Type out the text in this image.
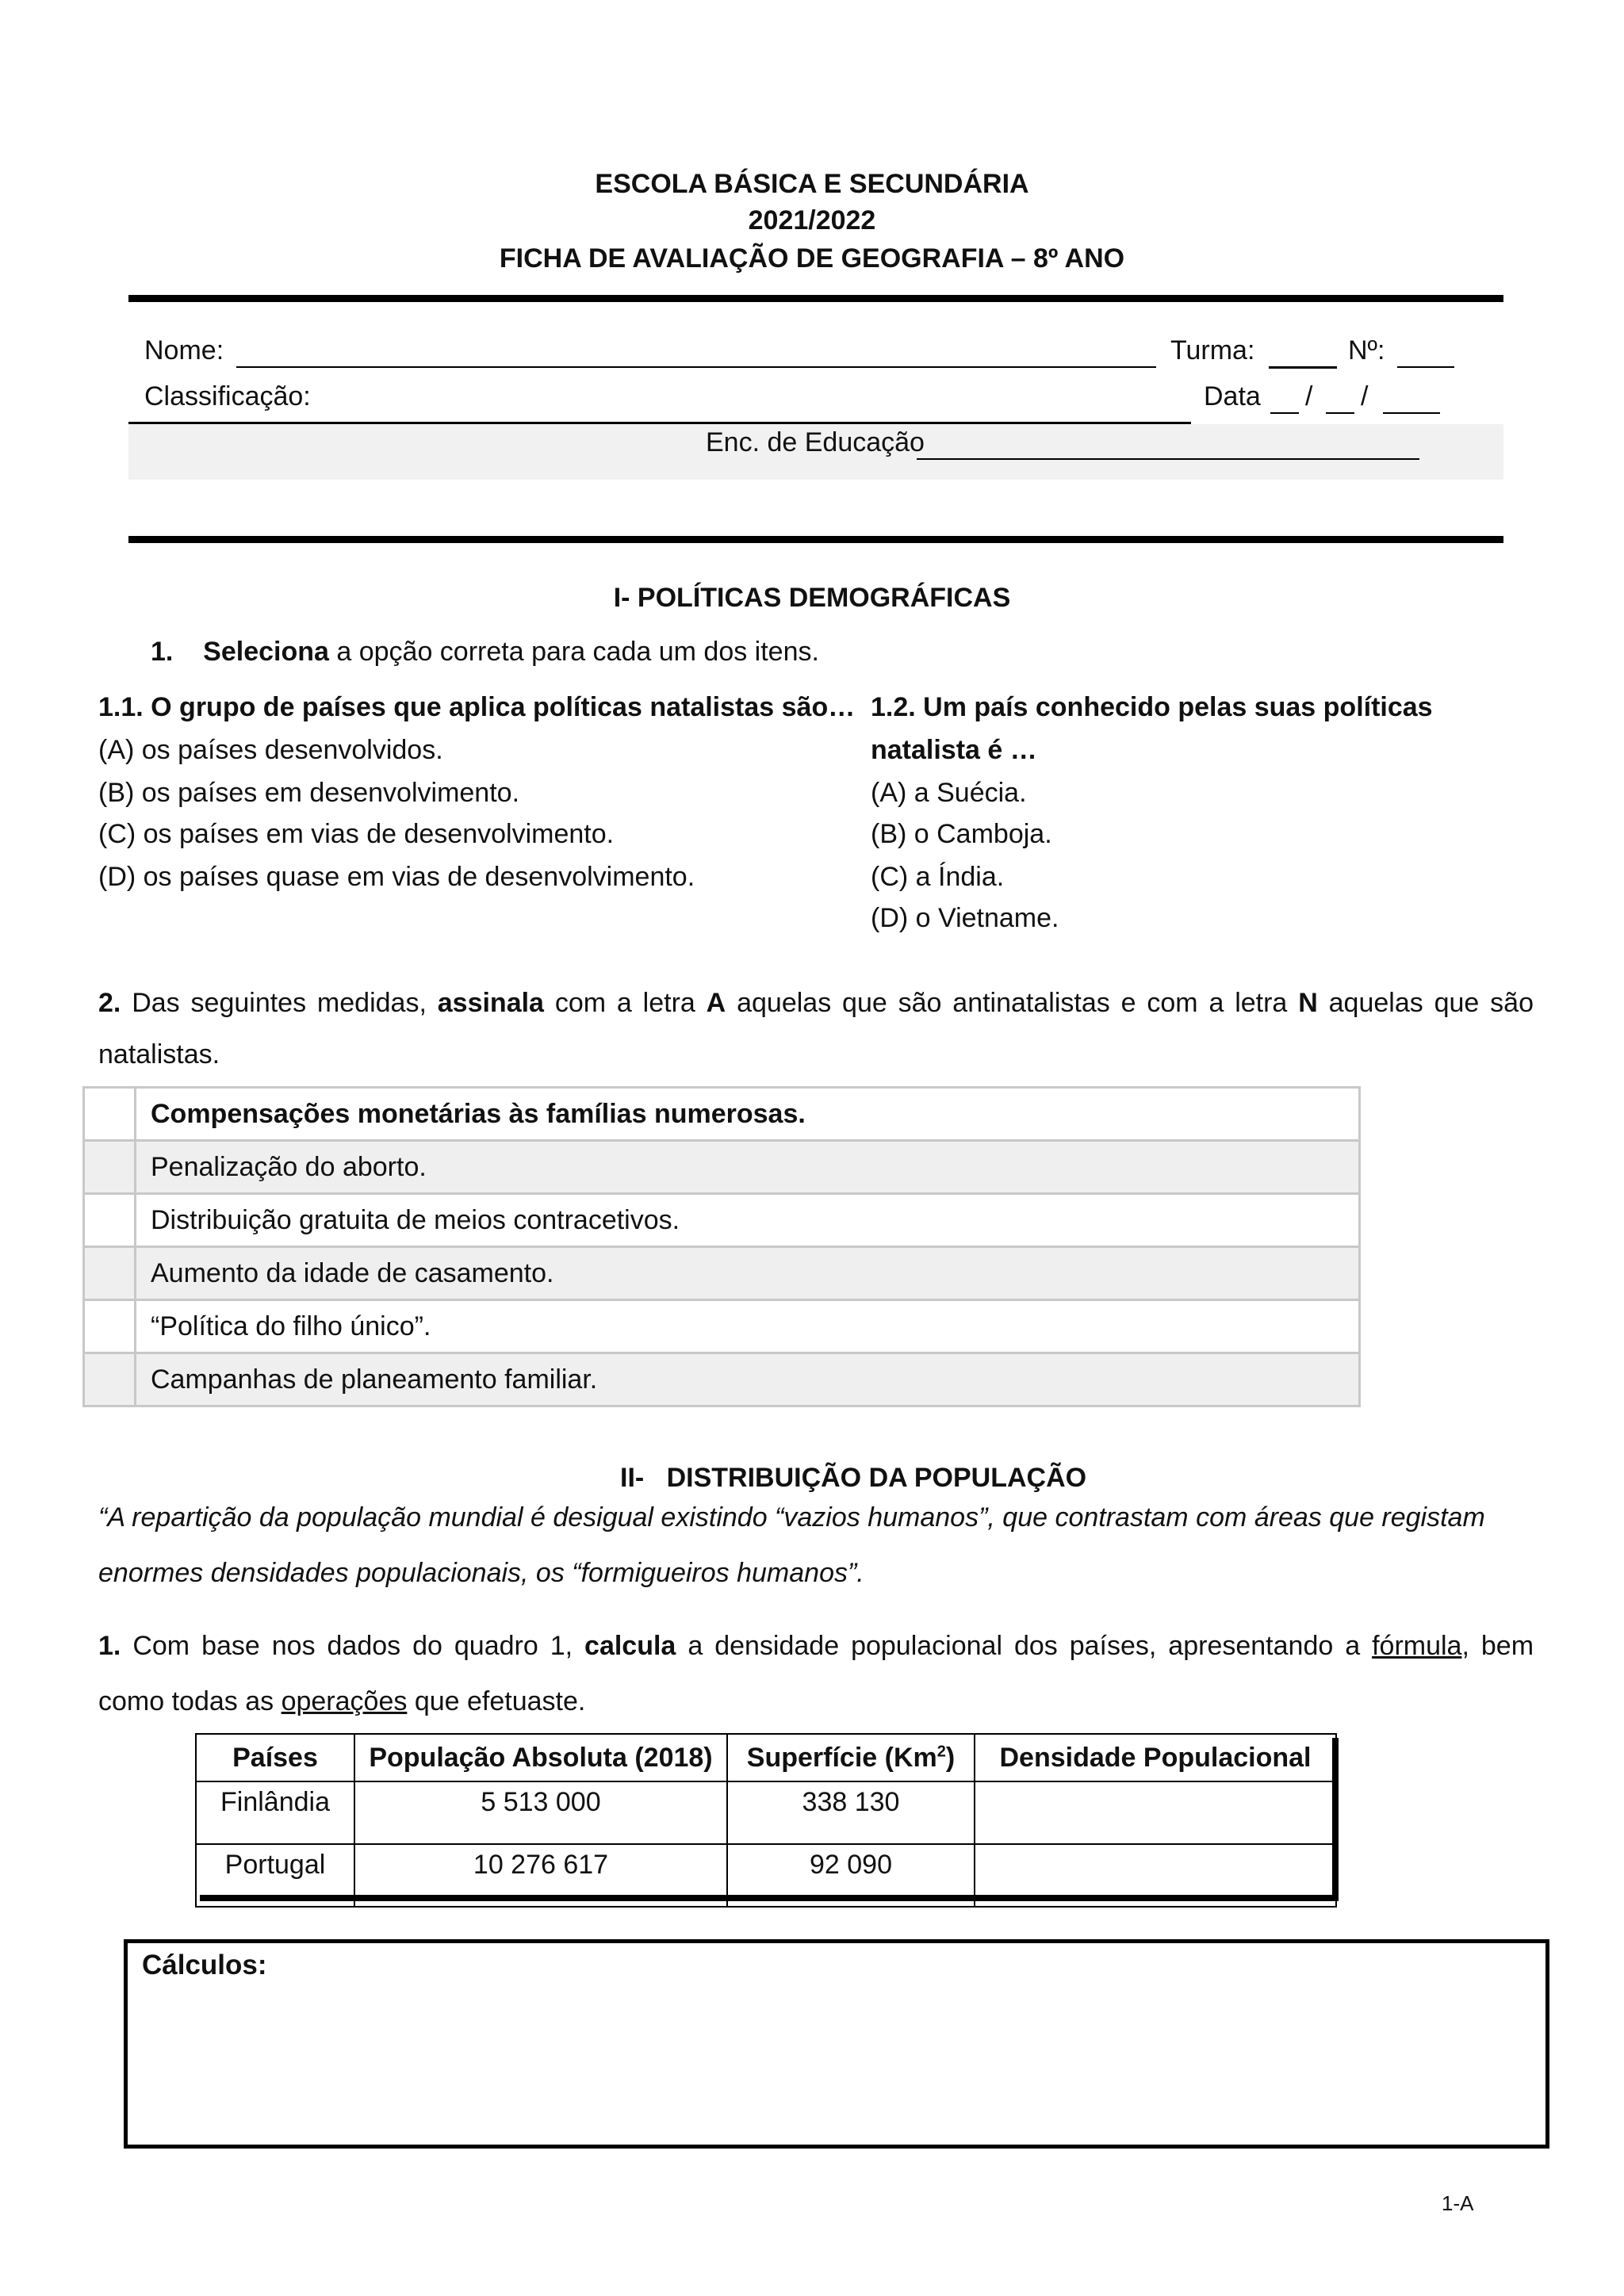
ESCOLA BÁSICA E SECUNDÁRIA
2021/2022
FICHA DE AVALIAÇÃO DE GEOGRAFIA – 8º ANO
Nome:	Turma:	Nº:
Classificação:	Data / /
Enc. de Educação
I- POLÍTICAS DEMOGRÁFICAS
1. Seleciona a opção correta para cada um dos itens.
1.1. O grupo de países que aplica políticas natalistas são…
(A) os países desenvolvidos.
(B) os países em desenvolvimento.
(C) os países em vias de desenvolvimento.
(D) os países quase em vias de desenvolvimento.
1.2. Um país conhecido pelas suas políticas
natalista é …
(A) a Suécia.
(B) o Camboja.
(C) a Índia.
(D) o Vietname.
2. Das seguintes medidas, assinala com a letra A aquelas que são antinatalistas e com a letra N aquelas que são
natalistas.
	Compensações monetárias às famílias numerosas.
	Penalização do aborto.
	Distribuição gratuita de meios contracetivos.
	Aumento da idade de casamento.
	“Política do filho único”.
	Campanhas de planeamento familiar.
II- DISTRIBUIÇÃO DA POPULAÇÃO
“A repartição da população mundial é desigual existindo “vazios humanos”, que contrastam com áreas que registam
enormes densidades populacionais, os “formigueiros humanos”.
1. Com base nos dados do quadro 1, calcula a densidade populacional dos países, apresentando a fórmula, bem
como todas as operações que efetuaste.
Países	População Absoluta (2018)	Superfície (Km$^2$)	Densidade Populacional
Finlândia	5 513 000	338 130	
Portugal	10 276 617	92 090	
Cálculos:
1-A
